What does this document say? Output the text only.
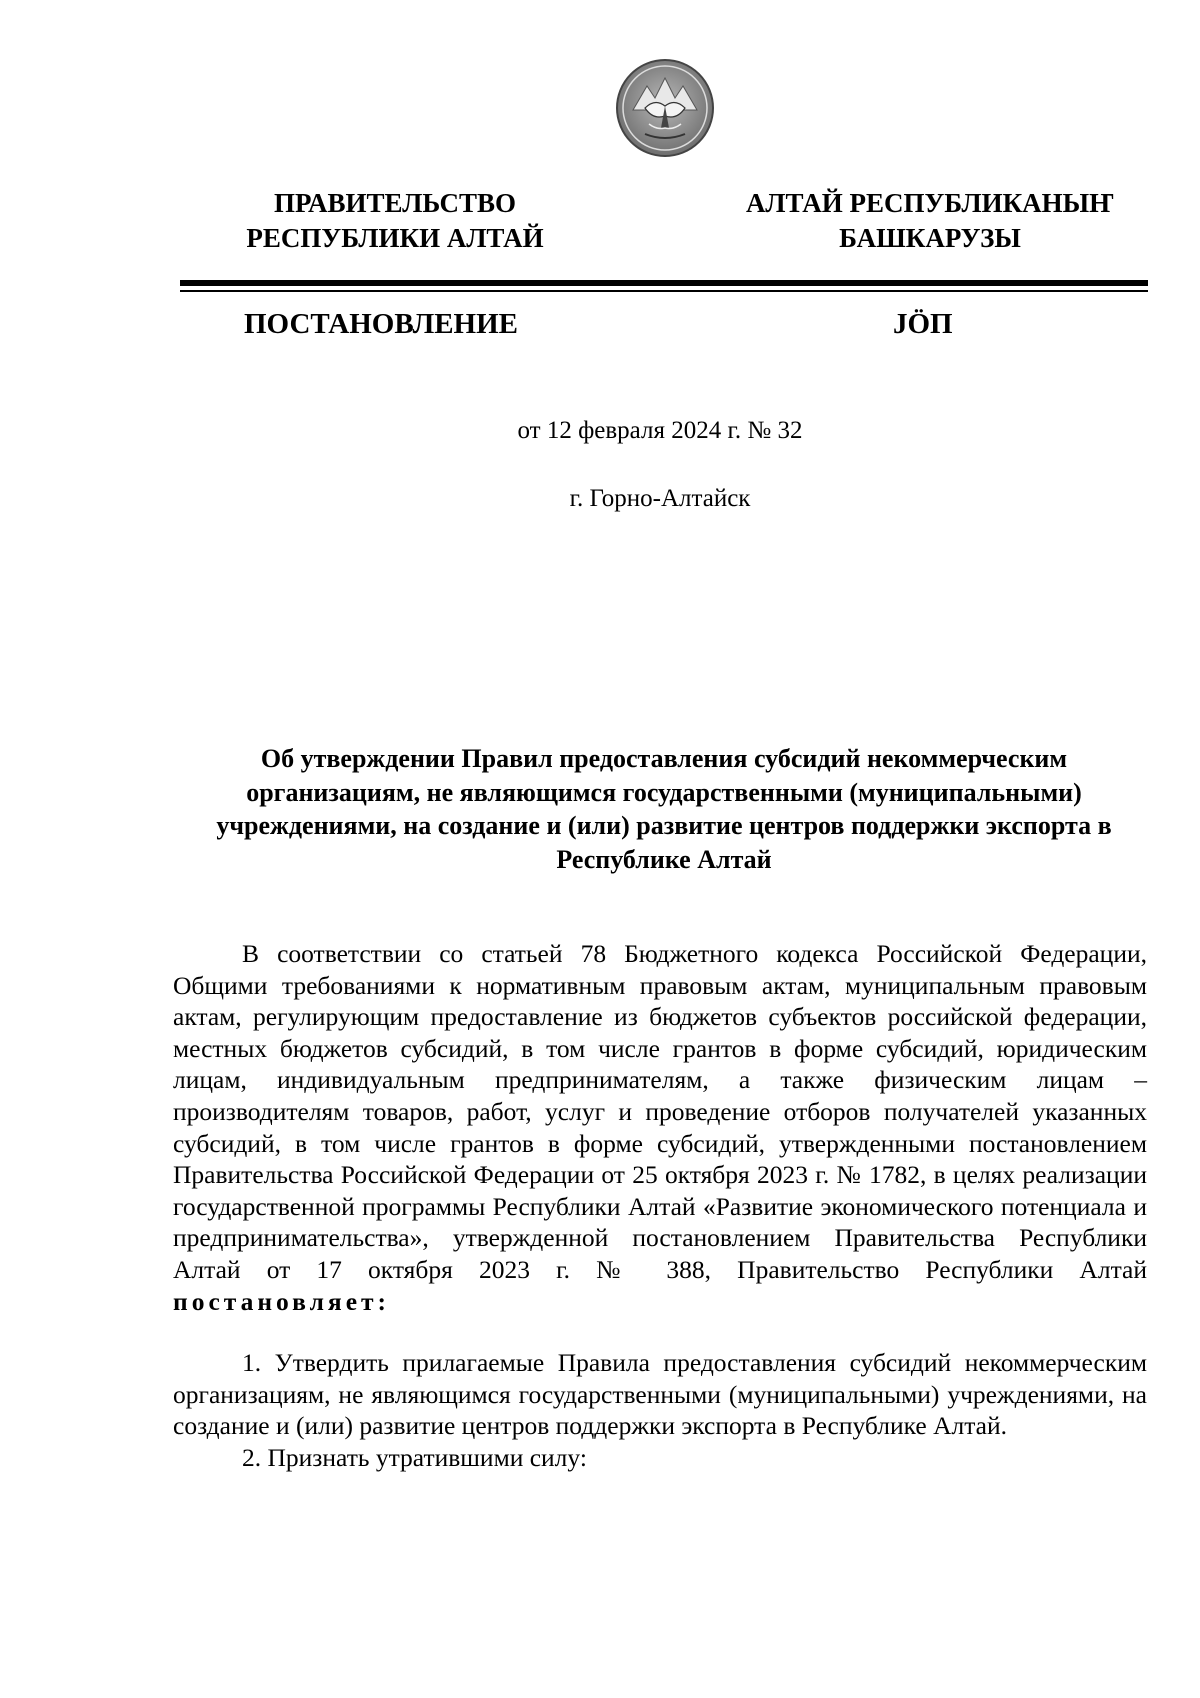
ПРАВИТЕЛЬСТВО
РЕСПУБЛИКИ АЛТАЙ
АЛТАЙ РЕСПУБЛИКАНЫҤ
БАШКАРУЗЫ
ПОСТАНОВЛЕНИЕ	JӦП
от 12 февраля 2024 г. № 32
г. Горно-Алтайск
Об утверждении Правил предоставления субсидий некоммерческим организациям, не являющимся государственными (муниципальными) учреждениями, на создание и (или) развитие центров поддержки экспорта в Республике Алтай

В соответствии со статьей 78 Бюджетного кодекса Российской Федерации, Общими требованиями к нормативным правовым актам, муниципальным правовым актам, регулирующим предоставление из бюджетов субъектов российской федерации, местных бюджетов субсидий, в том числе грантов в форме субсидий, юридическим лицам, индивидуальным предпринимателям, а также физическим лицам – производителям товаров, работ, услуг и проведение отборов получателей указанных субсидий, в том числе грантов в форме субсидий, утвержденными постановлением Правительства Российской Федерации от 25 октября 2023 г. № 1782, в целях реализации государственной программы Республики Алтай «Развитие экономического потенциала и предпринимательства», утвержденной постановлением Правительства Республики Алтай от 17 октября 2023 г. № 388, Правительство Республики Алтай постановляет:

1. Утвердить прилагаемые Правила предоставления субсидий некоммерческим организациям, не являющимся государственными (муниципальными) учреждениями, на создание и (или) развитие центров поддержки экспорта в Республике Алтай.

2. Признать утратившими силу:
